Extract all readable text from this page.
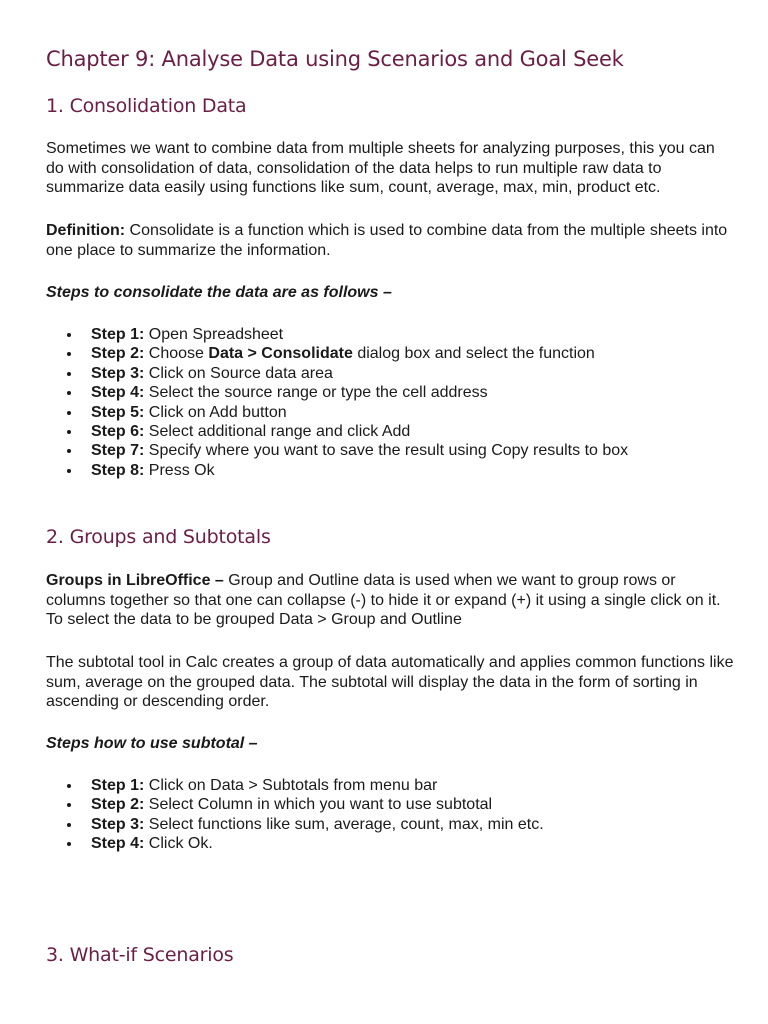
Chapter 9: Analyse Data using Scenarios and Goal Seek
1. Consolidation Data

Sometimes we want to combine data from multiple sheets for analyzing purposes, this you can do with consolidation of data, consolidation of the data helps to run multiple raw data to summarize data easily using functions like sum, count, average, max, min, product etc.

Definition: Consolidate is a function which is used to combine data from the multiple sheets into one place to summarize the information.

Steps to consolidate the data are as follows –

Step 1: Open Spreadsheet
Step 2: Choose Data > Consolidate dialog box and select the function
Step 3: Click on Source data area
Step 4: Select the source range or type the cell address
Step 5: Click on Add button
Step 6: Select additional range and click Add
Step 7: Specify where you want to save the result using Copy results to box
Step 8: Press Ok
2. Groups and Subtotals

Groups in LibreOffice – Group and Outline data is used when we want to group rows or columns together so that one can collapse (-) to hide it or expand (+) it using a single click on it. To select the data to be grouped Data > Group and Outline

The subtotal tool in Calc creates a group of data automatically and applies common functions like sum, average on the grouped data. The subtotal will display the data in the form of sorting in ascending or descending order.

Steps how to use subtotal –

Step 1: Click on Data > Subtotals from menu bar
Step 2: Select Column in which you want to use subtotal
Step 3: Select functions like sum, average, count, max, min etc.
Step 4: Click Ok.
3. What-if Scenarios
